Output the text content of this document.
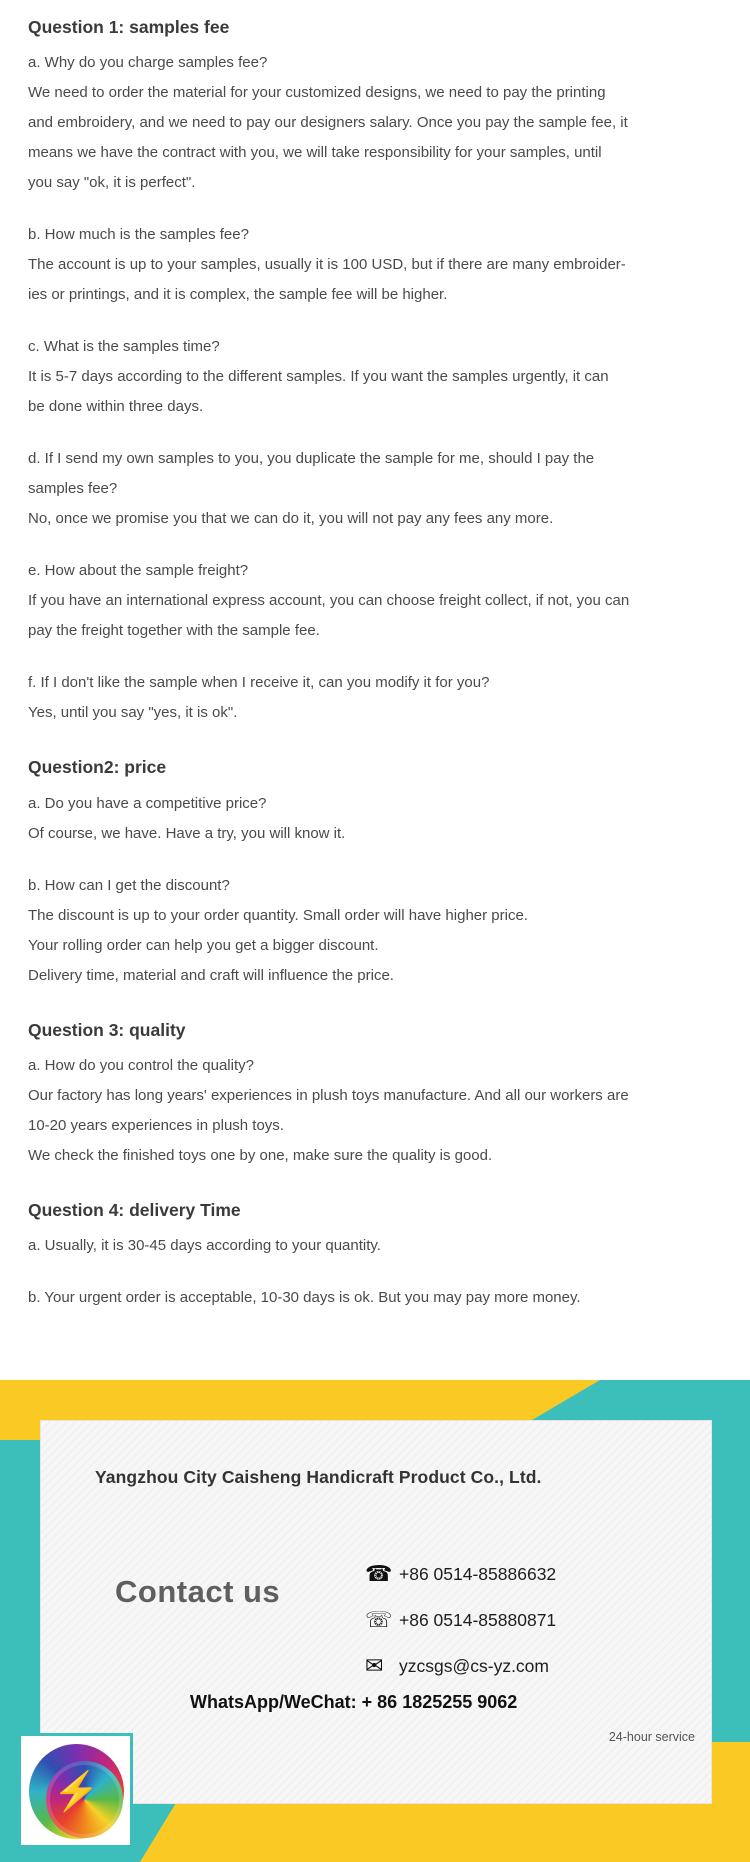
Question 1: samples fee
a. Why do you charge samples fee?
We need to order the material for your customized designs, we need to pay the printing
and embroidery, and we need to pay our designers salary. Once you pay the sample fee, it
means we have the contract with you, we will take responsibility for your samples, until
you say "ok, it is perfect".
b. How much is the samples fee?
The account is up to your samples, usually it is 100 USD, but if there are many embroider-
ies or printings, and it is complex, the sample fee will be higher.
c. What is the samples time?
It is 5-7 days according to the different samples. If you want the samples urgently, it can
be done within three days.
d. If I send my own samples to you, you duplicate the sample for me, should I pay the
samples fee?
No, once we promise you that we can do it, you will not pay any fees any more.
e. How about the sample freight?
If you have an international express account, you can choose freight collect, if not, you can
pay the freight together with the sample fee.
f. If I don't like the sample when I receive it, can you modify it for you?
Yes, until you say "yes, it is ok".
Question2: price
a. Do you have a competitive price?
Of course, we have. Have a try, you will know it.
b. How can I get the discount?
The discount is up to your order quantity. Small order will have higher price.
Your rolling order can help you get a bigger discount.
Delivery time, material and craft will influence the price.
Question 3: quality
a. How do you control the quality?
Our factory has long years' experiences in plush toys manufacture. And all our workers are
10-20 years experiences in plush toys.
We check the finished toys one by one, make sure the quality is good.
Question 4: delivery Time
a. Usually, it is 30-45 days according to your quantity.
b. Your urgent order is acceptable, 10-30 days is ok. But you may pay more money.
Yangzhou City Caisheng Handicraft Product Co., Ltd.
Contact us
☎ +86 0514-85886632
☏ +86 0514-85880871
✉ yzcsgs@cs-yz.com
WhatsApp/WeChat: + 86 1825255 9062
24-hour service
⚡
